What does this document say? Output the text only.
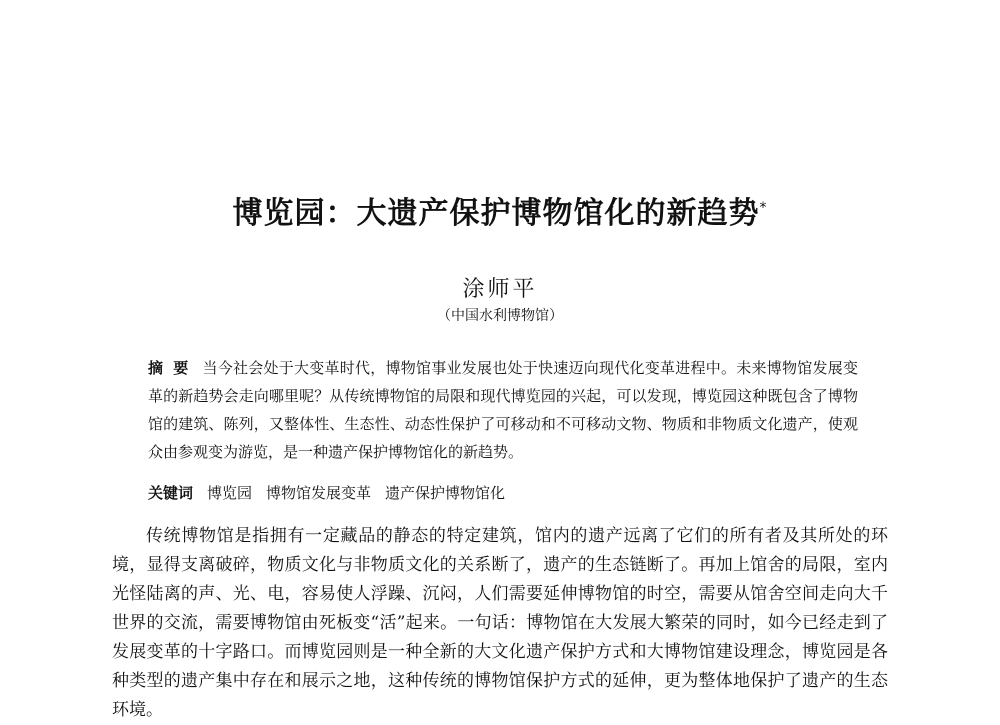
博览园：大遗产保护博物馆化的新趋势*
涂师平
（中国水利博物馆）
摘要 当今社会处于大变革时代，博物馆事业发展也处于快速迈向现代化变革进程中。未来博物馆发展变革的新趋势会走向哪里呢？从传统博物馆的局限和现代博览园的兴起，可以发现，博览园这种既包含了博物馆的建筑、陈列，又整体性、生态性、动态性保护了可移动和不可移动文物、物质和非物质文化遗产，使观众由参观变为游览，是一种遗产保护博物馆化的新趋势。
关键词 博览园 博物馆发展变革 遗产保护博物馆化
传统博物馆是指拥有一定藏品的静态的特定建筑，馆内的遗产远离了它们的所有者及其所处的环境，显得支离破碎，物质文化与非物质文化的关系断了，遗产的生态链断了。再加上馆舍的局限，室内光怪陆离的声、光、电，容易使人浮躁、沉闷，人们需要延伸博物馆的时空，需要从馆舍空间走向大千世界的交流，需要博物馆由死板变“活”起来。一句话：博物馆在大发展大繁荣的同时，如今已经走到了发展变革的十字路口。而博览园则是一种全新的大文化遗产保护方式和大博物馆建设理念，博览园是各种类型的遗产集中存在和展示之地，这种传统的博物馆保护方式的延伸，更为整体地保护了遗产的生态环境。
